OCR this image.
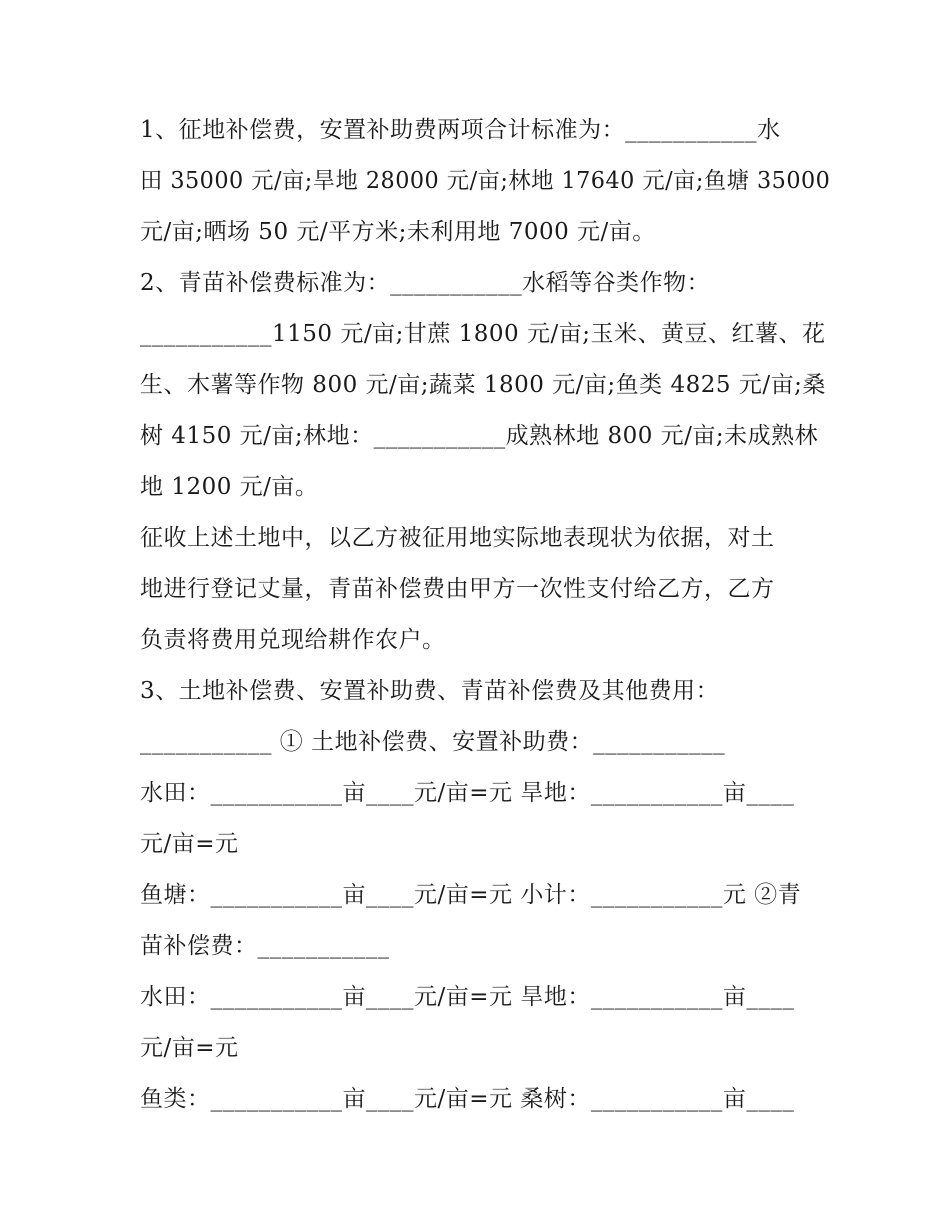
1、征地补偿费，安置补助费两项合计标准为：___________水
田 35000 元/亩;旱地 28000 元/亩;林地 17640 元/亩;鱼塘 35000
元/亩;晒场 50 元/平方米;未利用地 7000 元/亩。
2、青苗补偿费标准为：___________水稻等谷类作物：
___________1150 元/亩;甘蔗 1800 元/亩;玉米、黄豆、红薯、花
生、木薯等作物 800 元/亩;蔬菜 1800 元/亩;鱼类 4825 元/亩;桑
树 4150 元/亩;林地：___________成熟林地 800 元/亩;未成熟林
地 1200 元/亩。
征收上述土地中，以乙方被征用地实际地表现状为依据，对土
地进行登记丈量，青苗补偿费由甲方一次性支付给乙方，乙方
负责将费用兑现给耕作农户。
3、土地补偿费、安置补助费、青苗补偿费及其他费用：
___________ ① 土地补偿费、安置补助费：___________
水田：___________亩____元/亩=元 旱地：___________亩____
元/亩=元
鱼塘：___________亩____元/亩=元 小计：___________元 ②青
苗补偿费：___________
水田：___________亩____元/亩=元 旱地：___________亩____
元/亩=元
鱼类：___________亩____元/亩=元 桑树：___________亩____
